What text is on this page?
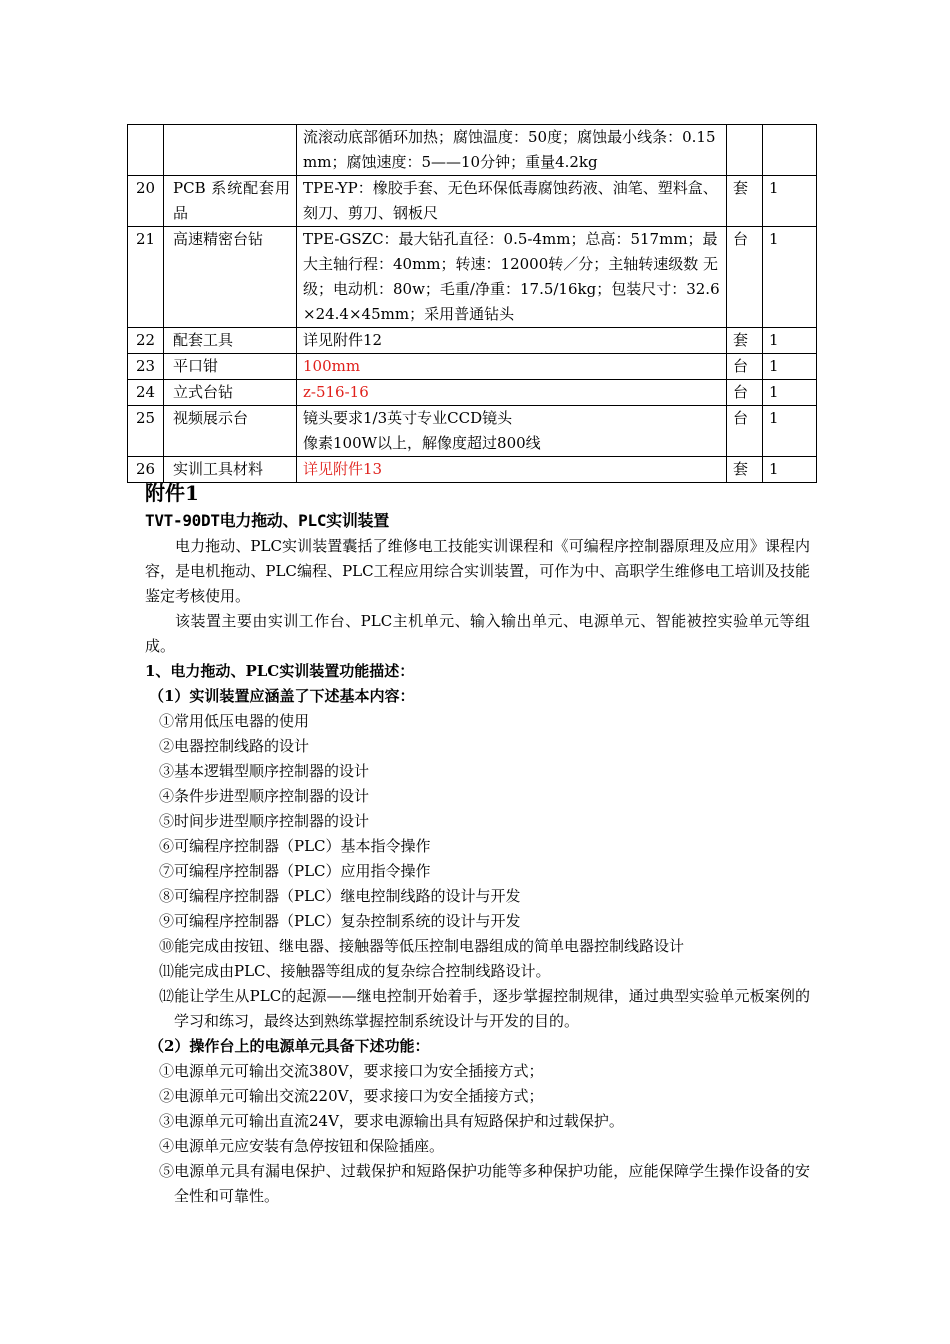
		流滚动底部循环加热；腐蚀温度：50度；腐蚀最小线条：0.15mm；腐蚀速度：5——10分钟；重量4.2kg		
20	PCB 系统配套用品	TPE-YP：橡胶手套、无色环保低毒腐蚀药液、油笔、塑料盒、刻刀、剪刀、钢板尺	套	1
21	高速精密台钻	TPE-GSZC：最大钻孔直径：0.5-4mm；总高：517mm；最大主轴行程：40mm；转速：12000转／分；主轴转速级数 无级；电动机：80w；毛重/净重：17.5/16kg；包装尺寸：32.6×24.4×45mm；采用普通钻头	台	1
22	配套工具	详见附件12	套	1
23	平口钳	100mm	台	1
24	立式台钻	z-516-16	台	1
25	视频展示台	镜头要求1/3英寸专业CCD镜头
像素100W以上，解像度超过800线	台	1
26	实训工具材料	详见附件13	套	1
附件1
TVT-90DT电力拖动、PLC实训装置

电力拖动、PLC实训装置囊括了维修电工技能实训课程和《可编程序控制器原理及应用》课程内容，是电机拖动、PLC编程、PLC工程应用综合实训装置，可作为中、高职学生维修电工培训及技能鉴定考核使用。

该装置主要由实训工作台、PLC主机单元、输入输出单元、电源单元、智能被控实验单元等组成。

1、电力拖动、PLC实训装置功能描述：
（1）实训装置应涵盖了下述基本内容：
①常用低压电器的使用
②电器控制线路的设计
③基本逻辑型顺序控制器的设计
④条件步进型顺序控制器的设计
⑤时间步进型顺序控制器的设计
⑥可编程序控制器（PLC）基本指令操作
⑦可编程序控制器（PLC）应用指令操作
⑧可编程序控制器（PLC）继电控制线路的设计与开发
⑨可编程序控制器（PLC）复杂控制系统的设计与开发
⑩能完成由按钮、继电器、接触器等低压控制电器组成的简单电器控制线路设计
⑾能完成由PLC、接触器等组成的复杂综合控制线路设计。
⑿能让学生从PLC的起源——继电控制开始着手，逐步掌握控制规律，通过典型实验单元板案例的学习和练习，最终达到熟练掌握控制系统设计与开发的目的。
（2）操作台上的电源单元具备下述功能：
①电源单元可输出交流380V，要求接口为安全插接方式；
②电源单元可输出交流220V，要求接口为安全插接方式；
③电源单元可输出直流24V，要求电源输出具有短路保护和过载保护。
④电源单元应安装有急停按钮和保险插座。
⑤电源单元具有漏电保护、过载保护和短路保护功能等多种保护功能，应能保障学生操作设备的安全性和可靠性。
